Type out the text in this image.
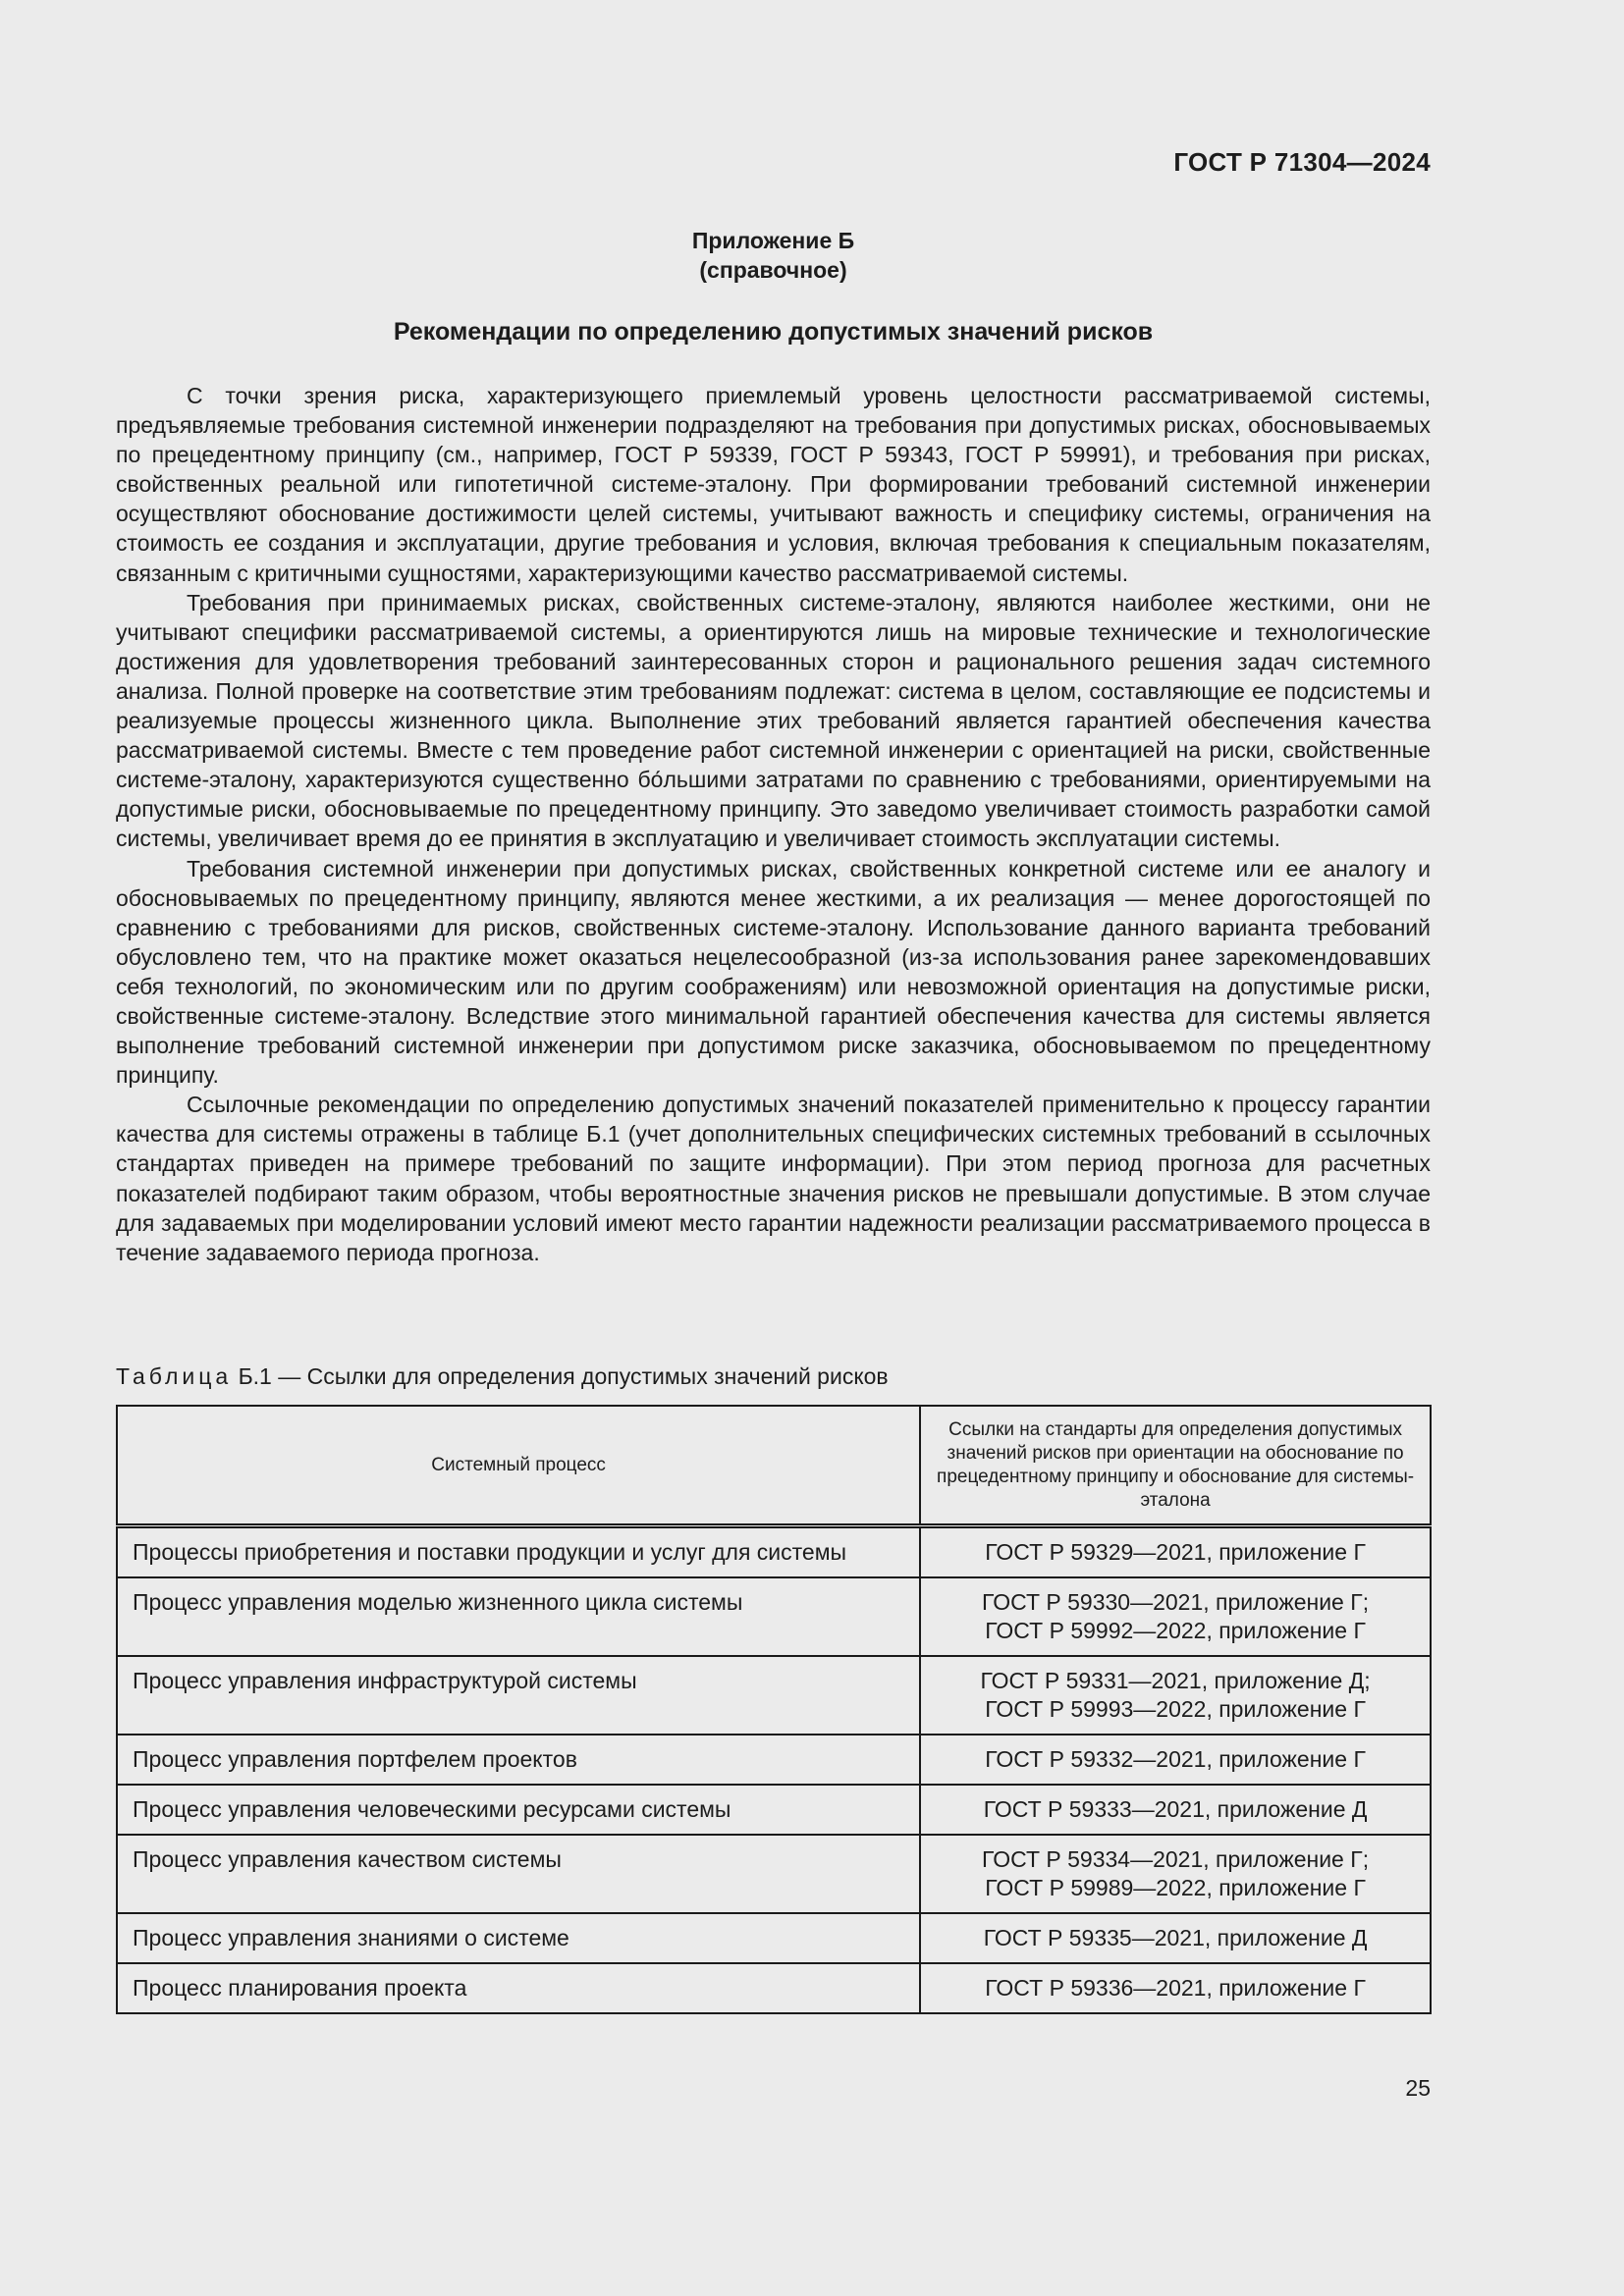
ГОСТ Р 71304—2024
Приложение Б
(справочное)
Рекомендации по определению допустимых значений рисков

С точки зрения риска, характеризующего приемлемый уровень целостности рассматриваемой системы, предъявляемые требования системной инженерии подразделяют на требования при допустимых рисках, обосновываемых по прецедентному принципу (см., например, ГОСТ Р 59339, ГОСТ Р 59343, ГОСТ Р 59991), и требования при рисках, свойственных реальной или гипотетичной системе-эталону. При формировании требований системной инженерии осуществляют обоснование достижимости целей системы, учитывают важность и специфику системы, ограничения на стоимость ее создания и эксплуатации, другие требования и условия, включая требования к специальным показателям, связанным с критичными сущностями, характеризующими качество рассматриваемой системы.

Требования при принимаемых рисках, свойственных системе-эталону, являются наиболее жесткими, они не учитывают специфики рассматриваемой системы, а ориентируются лишь на мировые технические и технологические достижения для удовлетворения требований заинтересованных сторон и рационального решения задач системного анализа. Полной проверке на соответствие этим требованиям подлежат: система в целом, составляющие ее подсистемы и реализуемые процессы жизненного цикла. Выполнение этих требований является гарантией обеспечения качества рассматриваемой системы. Вместе с тем проведение работ системной инженерии с ориентацией на риски, свойственные системе-эталону, характеризуются существенно бо́льшими затратами по сравнению с требованиями, ориентируемыми на допустимые риски, обосновываемые по прецедентному принципу. Это заведомо увеличивает стоимость разработки самой системы, увеличивает время до ее принятия в эксплуатацию и увеличивает стоимость эксплуатации системы.

Требования системной инженерии при допустимых рисках, свойственных конкретной системе или ее аналогу и обосновываемых по прецедентному принципу, являются менее жесткими, а их реализация — менее дорогостоящей по сравнению с требованиями для рисков, свойственных системе-эталону. Использование данного варианта требований обусловлено тем, что на практике может оказаться нецелесообразной (из-за использования ранее зарекомендовавших себя технологий, по экономическим или по другим соображениям) или невозможной ориентация на допустимые риски, свойственные системе-эталону. Вследствие этого минимальной гарантией обеспечения качества для системы является выполнение требований системной инженерии при допустимом риске заказчика, обосновываемом по прецедентному принципу.

Ссылочные рекомендации по определению допустимых значений показателей применительно к процессу гарантии качества для системы отражены в таблице Б.1 (учет дополнительных специфических системных требований в ссылочных стандартах приведен на примере требований по защите информации). При этом период прогноза для расчетных показателей подбирают таким образом, чтобы вероятностные значения рисков не превышали допустимые. В этом случае для задаваемых при моделировании условий имеют место гарантии надежности реализации рассматриваемого процесса в течение задаваемого периода прогноза.

Таблица Б.1 — Ссылки для определения допустимых значений рисков
Системный процесс	Ссылки на стандарты для определения допустимых значений рисков при ориентации на обоснование по прецедентному принципу и обоснование для системы-эталона
Процессы приобретения и поставки продукции и услуг для системы	ГОСТ Р 59329—2021, приложение Г

Процесс управления моделью жизненного цикла системы	ГОСТ Р 59330—2021, приложение Г;
ГОСТ Р 59992—2022, приложение Г

Процесс управления инфраструктурой системы	ГОСТ Р 59331—2021, приложение Д;
ГОСТ Р 59993—2022, приложение Г

Процесс управления портфелем проектов	ГОСТ Р 59332—2021, приложение Г

Процесс управления человеческими ресурсами системы	ГОСТ Р 59333—2021, приложение Д

Процесс управления качеством системы	ГОСТ Р 59334—2021, приложение Г;
ГОСТ Р 59989—2022, приложение Г

Процесс управления знаниями о системе	ГОСТ Р 59335—2021, приложение Д

Процесс планирования проекта	ГОСТ Р 59336—2021, приложение Г
25
